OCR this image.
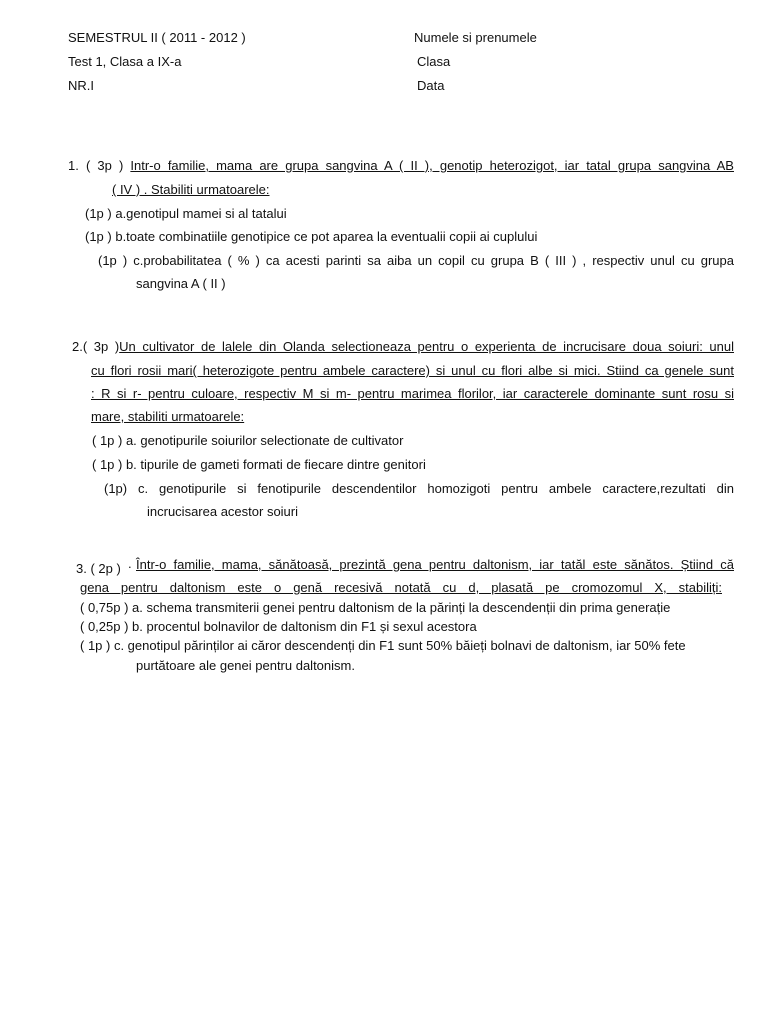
SEMESTRUL II ( 2011 - 2012 )
Test 1, Clasa a IX-a
NR.I
Numele si prenumele
Clasa
Data
1. ( 3p ) Intr-o familie, mama are grupa sangvina A ( II ), genotip heterozigot, iar tatal grupa sangvina AB
( IV ) . Stabiliti urmatoarele:
(1p ) a.genotipul mamei si al tatalui
(1p ) b.toate combinatiile genotipice ce pot aparea la eventualii copii ai cuplului
(1p ) c.probabilitatea ( % ) ca acesti parinti sa aiba un copil cu grupa B ( III ) , respectiv unul cu grupa
sangvina A ( II )
2.( 3p )Un cultivator de lalele din Olanda selectioneaza pentru o experienta de incrucisare doua soiuri: unul
cu flori rosii mari( heterozigote pentru ambele caractere) si unul cu flori albe si mici. Stiind ca genele sunt
: R si r- pentru culoare, respectiv M si m- pentru marimea florilor, iar caracterele dominante sunt rosu si
mare, stabiliti urmatoarele:
( 1p ) a. genotipurile soiurilor selectionate de cultivator
( 1p ) b. tipurile de gameti formati de fiecare dintre genitori
(1p) c. genotipurile si fenotipurile descendentilor homozigoti pentru ambele caractere,rezultati din
incrucisarea acestor soiuri
3. ( 2p ) . Într-o familie, mama, sănătoasă, prezintă gena pentru daltonism, iar tatăl este sănătos. Știind că
gena pentru daltonism este o genă recesivă notată cu d, plasată pe cromozomul X, stabiliți:
( 0,75p ) a. schema transmiterii genei pentru daltonism de la părinți la descendenții din prima generație
( 0,25p ) b. procentul bolnavilor de daltonism din F1 și sexul acestora
( 1p ) c. genotipul părinților ai căror descendenți din F1 sunt 50% băieți bolnavi de daltonism, iar 50% fete
purtătoare ale genei pentru daltonism.
